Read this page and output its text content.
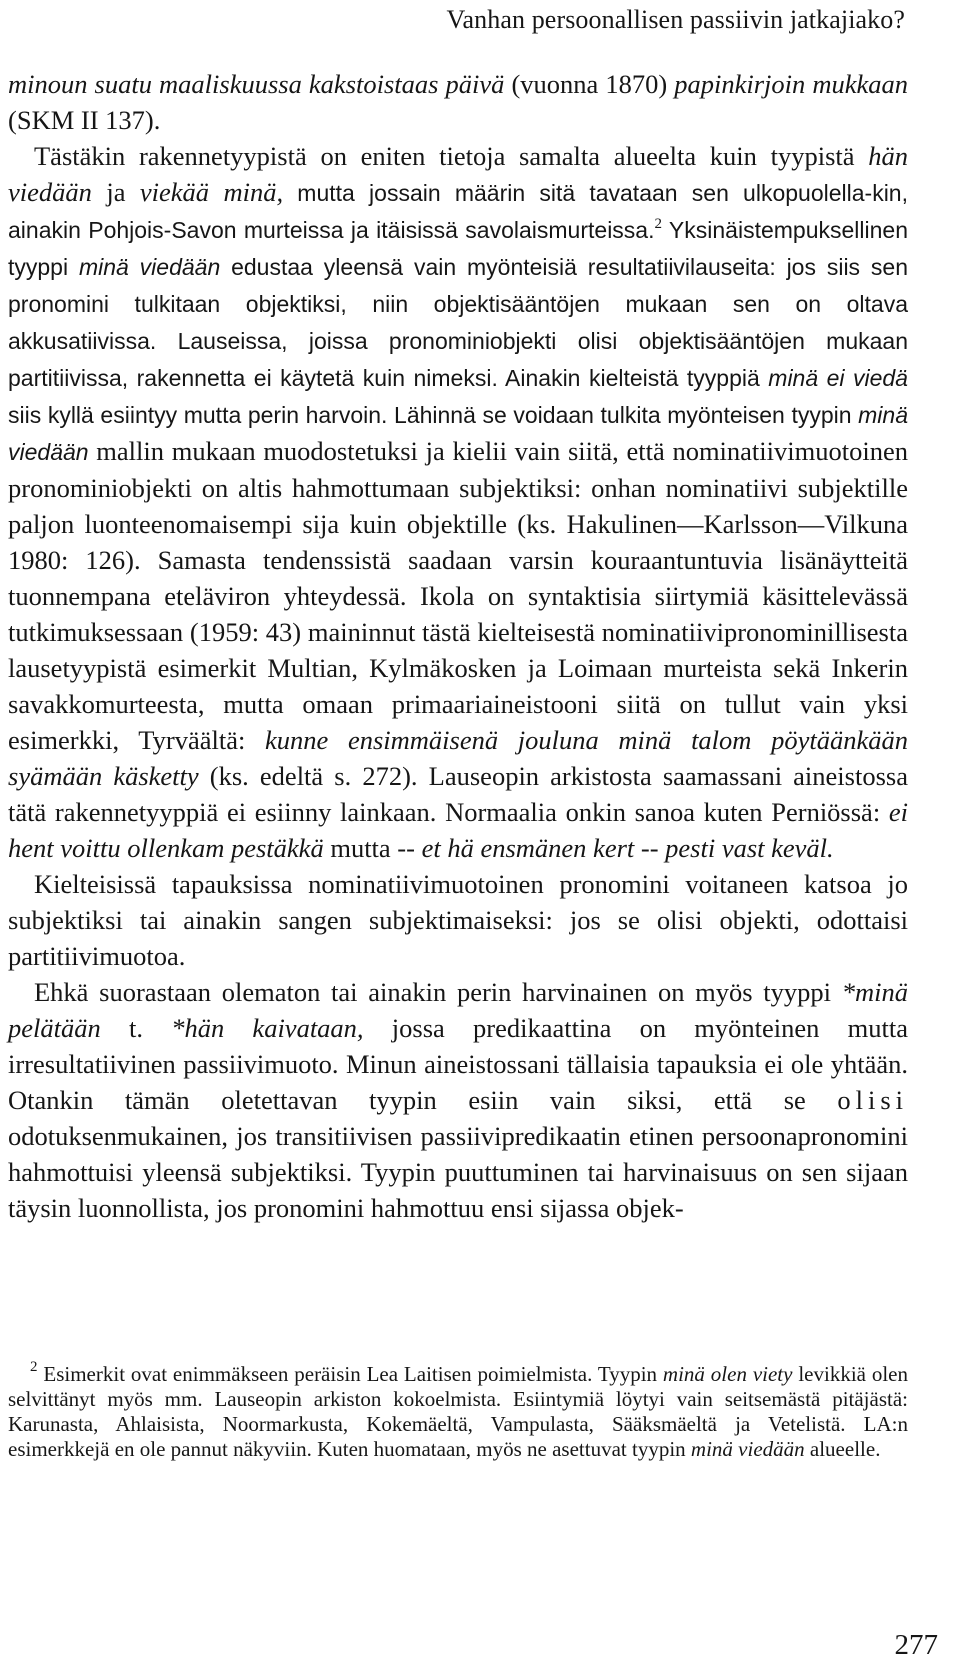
Vanhan persoonallisen passiivin jatkajiako?

minoun suatu maaliskuussa kakstoistaas päivä (vuonna 1870) papinkirjoin mukkaan (SKM II 137).

Tästäkin rakennetyypistä on eniten tietoja samalta alueelta kuin tyypistä hän viedään ja viekää minä, mutta jossain määrin sitä tavataan sen ulkopuolella-kin, ainakin Pohjois-Savon murteissa ja itäisissä savolaismurteissa.$^2$ Yksinäistempuksellinen tyyppi minä viedään edustaa yleensä vain myönteisiä resultatiivilauseita: jos siis sen pronomini tulkitaan objektiksi, niin objektisääntöjen mukaan sen on oltava akkusatiivissa. Lauseissa, joissa pronominiobjekti olisi objektisääntöjen mukaan partitiivissa, rakennetta ei käytetä kuin nimeksi. Ainakin kielteistä tyyppiä minä ei viedä siis kyllä esiintyy mutta perin harvoin. Lähinnä se voidaan tulkita myönteisen tyypin minä viedään mallin mukaan muodostetuksi ja kielii vain siitä, että nominatiivimuotoinen pronominiobjekti on altis hahmottumaan subjektiksi: onhan nominatiivi subjektille paljon luonteenomaisempi sija kuin objektille (ks. Hakulinen—Karlsson—Vilkuna 1980: 126). Samasta tendenssistä saadaan varsin kouraantuntuvia lisänäytteitä tuonnempana eteläviron yhteydessä. Ikola on syntaktisia siirtymiä käsittelevässä tutkimuksessaan (1959: 43) maininnut tästä kielteisestä nominatiivipronominillisesta lausetyypistä esimerkit Multian, Kylmäkosken ja Loimaan murteista sekä Inkerin savakkomurteesta, mutta omaan primaariaineistooni siitä on tullut vain yksi esimerkki, Tyrväältä: kunne ensimmäisenä jouluna minä talom pöytäänkään syämään käsketty (ks. edeltä s. 272). Lauseopin arkistosta saamassani aineistossa tätä rakennetyyppiä ei esiinny lainkaan. Normaalia onkin sanoa kuten Perniössä: ei hent voittu ollenkam pestäkkä mutta -- et hä ensmänen kert -- pesti vast keväl.

Kielteisissä tapauksissa nominatiivimuotoinen pronomini voitaneen katsoa jo subjektiksi tai ainakin sangen subjektimaiseksi: jos se olisi objekti, odottaisi partitiivimuotoa.

Ehkä suorastaan olematon tai ainakin perin harvinainen on myös tyyppi *minä pelätään t. *hän kaivataan, jossa predikaattina on myönteinen mutta irresultatiivinen passiivimuoto. Minun aineistossani tällaisia tapauksia ei ole yhtään. Otankin tämän oletettavan tyypin esiin vain siksi, että se olisi odotuksenmukainen, jos transitiivisen passiivipredikaatin etinen persoonapronomini hahmottuisi yleensä subjektiksi. Tyypin puuttuminen tai harvinaisuus on sen sijaan täysin luonnollista, jos pronomini hahmottuu ensi sijassa objek-

$^2$ Esimerkit ovat enimmäkseen peräisin Lea Laitisen poimielmista. Tyypin minä olen viety levikkiä olen selvittänyt myös mm. Lauseopin arkiston kokoelmista. Esiintymiä löytyi vain seitsemästä pitäjästä: Karunasta, Ahlaisista, Noormarkusta, Kokemäeltä, Vampulasta, Sääksmäeltä ja Vetelistä. LA:n esimerkkejä en ole pannut näkyviin. Kuten huomataan, myös ne asettuvat tyypin minä viedään alueelle.

277
